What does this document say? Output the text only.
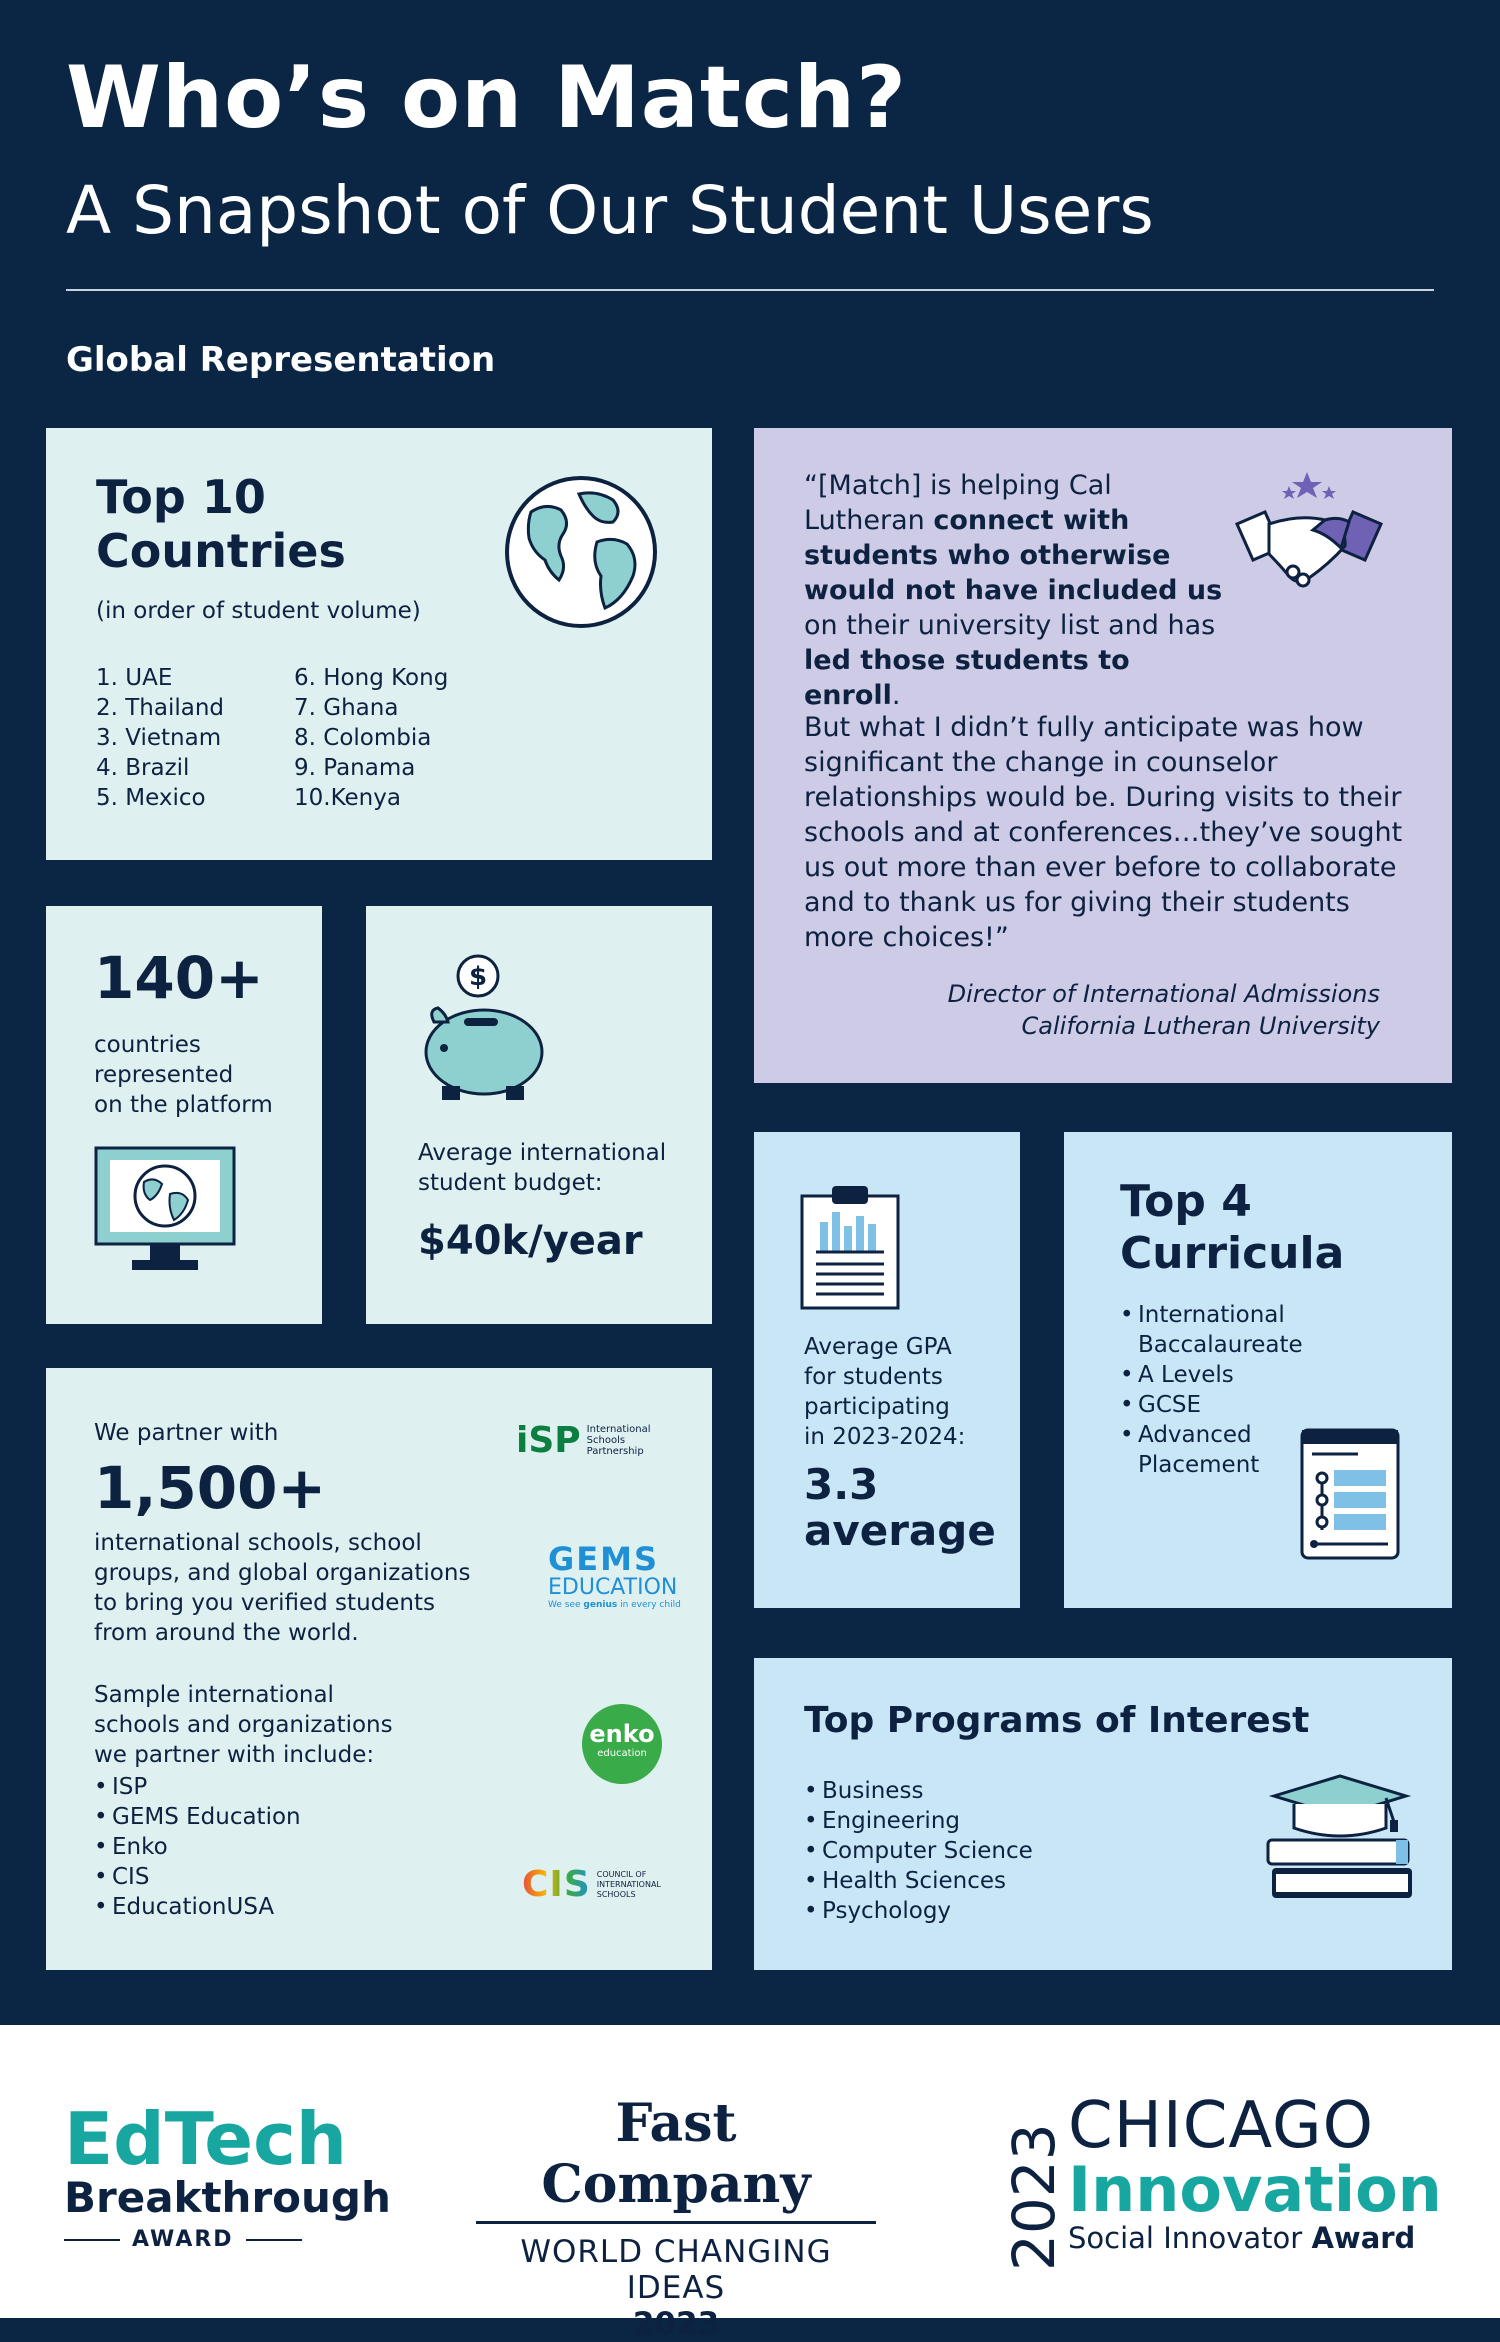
Who’s on Match?
A Snapshot of Our Student Users
Global Representation
Top 10
Countries
(in order of student volume)
1. UAE
2. Thailand
3. Vietnam
4. Brazil
5. Mexico
6. Hong Kong
7. Ghana
8. Colombia
9. Panama
10.Kenya

“[Match] is helping Cal Lutheran connect with students who otherwise would not have included us on their university list and has led those students to enroll.

But what I didn’t fully anticipate was how significant the change in counselor relationships would be. During visits to their schools and at conferences…they’ve sought us out more than ever before to collaborate and to thank us for giving their students more choices!”

Director of International Admissions
California Lutheran University
140+
countries
represented
on the platform
$
Average international
student budget:
$40k/year
Average GPA
for students
participating
in 2023-2024:
3.3
average
Top 4
Curricula
• International Baccalaureate
• A Levels
• GCSE
• Advanced Placement
We partner with
1,500+
international schools, school groups, and global organizations to bring you verified students from around the world.
Sample international schools and organizations we partner with include:
• ISP
• GEMS Education
• Enko
• CIS
• EducationUSA
iSP International
Schools
Partnership
GEMS
EDUCATION
We see genius in every child
enko
education
CIS COUNCIL OF
INTERNATIONAL
SCHOOLS
Top Programs of Interest
• Business
• Engineering
• Computer Science
• Health Sciences
• Psychology
EdTech
Breakthrough
AWARD
Fast Company
WORLD CHANGING IDEAS
2023
2023 CHICAGO
Innovation
Social Innovator Award
